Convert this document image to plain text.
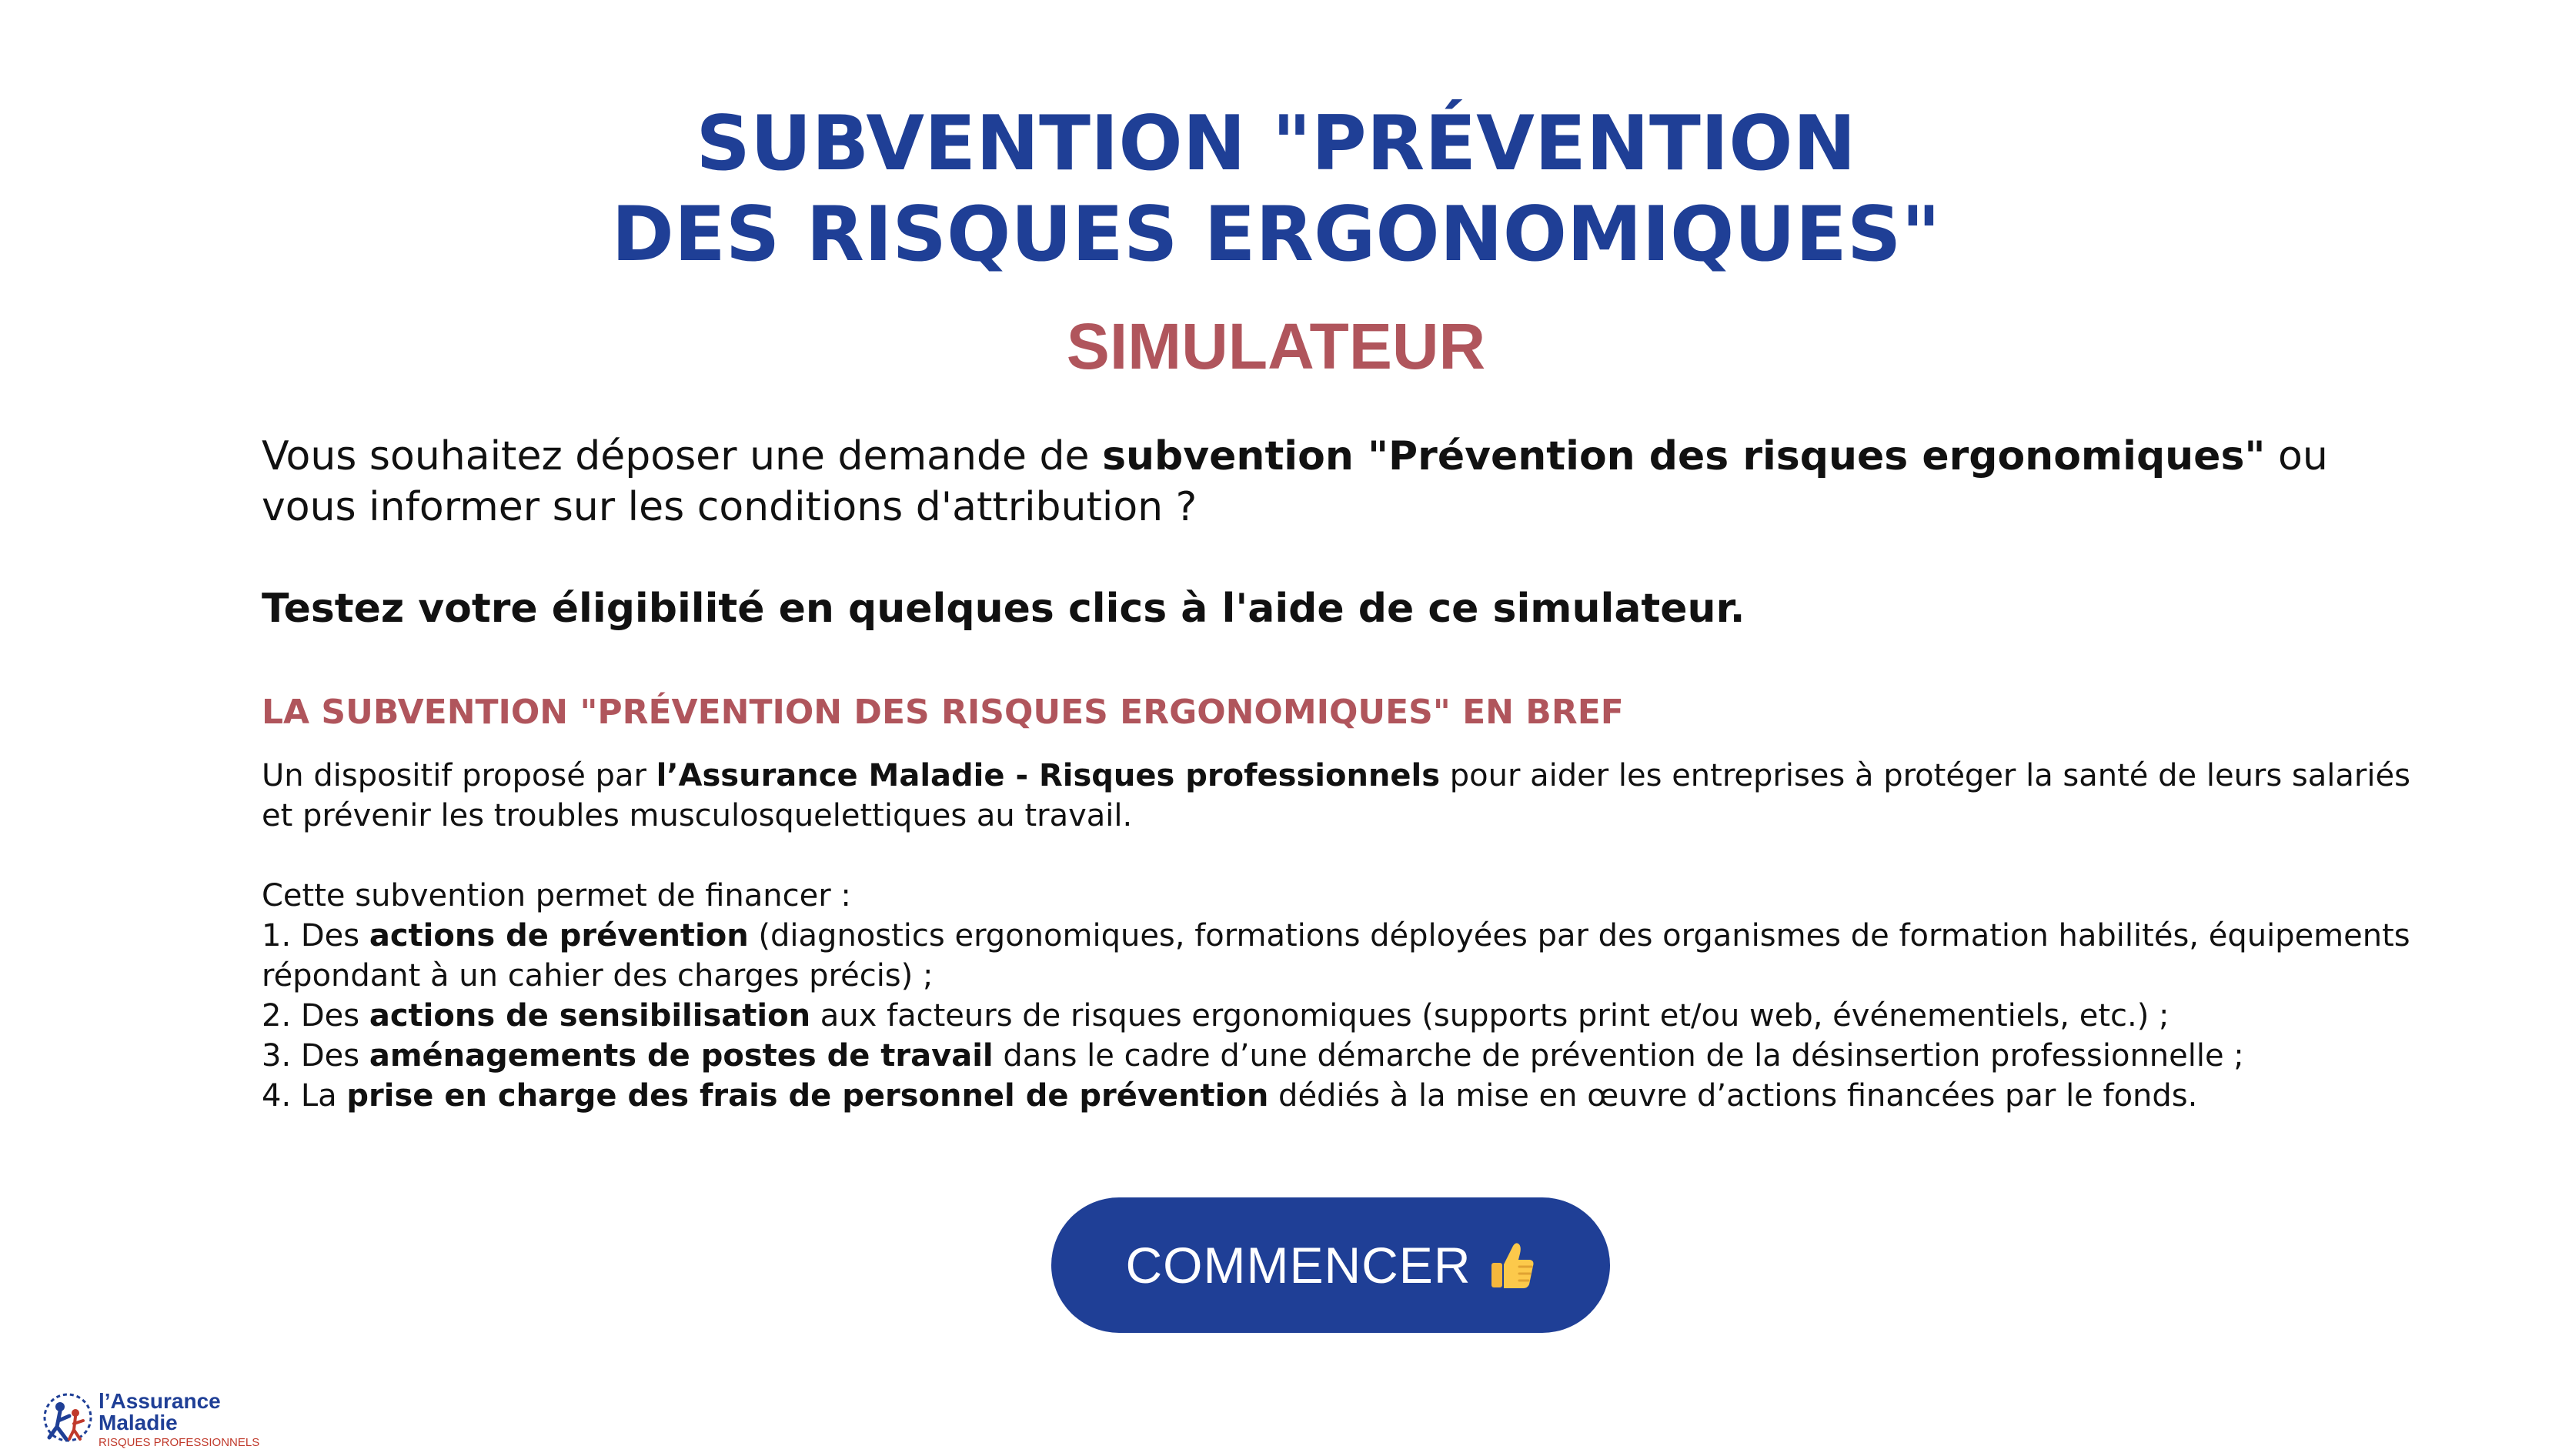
SUBVENTION "PRÉVENTION
DES RISQUES ERGONOMIQUES"
SIMULATEUR

Vous souhaitez déposer une demande de subvention "Prévention des risques ergonomiques" ou vous informer sur les conditions d'attribution ?

Testez votre éligibilité en quelques clics à l'aide de ce simulateur.

LA SUBVENTION "PRÉVENTION DES RISQUES ERGONOMIQUES" EN BREF

Un dispositif proposé par l’Assurance Maladie - Risques professionnels pour aider les entreprises à protéger la santé de leurs salariés et prévenir les troubles musculosquelettiques au travail.

Cette subvention permet de financer :

1. Des actions de prévention (diagnostics ergonomiques, formations déployées par des organismes de formation habilités, équipements répondant à un cahier des charges précis) ;
2. Des actions de sensibilisation aux facteurs de risques ergonomiques (supports print et/ou web, événementiels, etc.) ;
3. Des aménagements de postes de travail dans le cadre d’une démarche de prévention de la désinsertion professionnelle ;
4. La prise en charge des frais de personnel de prévention dédiés à la mise en œuvre d’actions financées par le fonds.
COMMENCER
l’Assurance
Maladie
RISQUES PROFESSIONNELS
